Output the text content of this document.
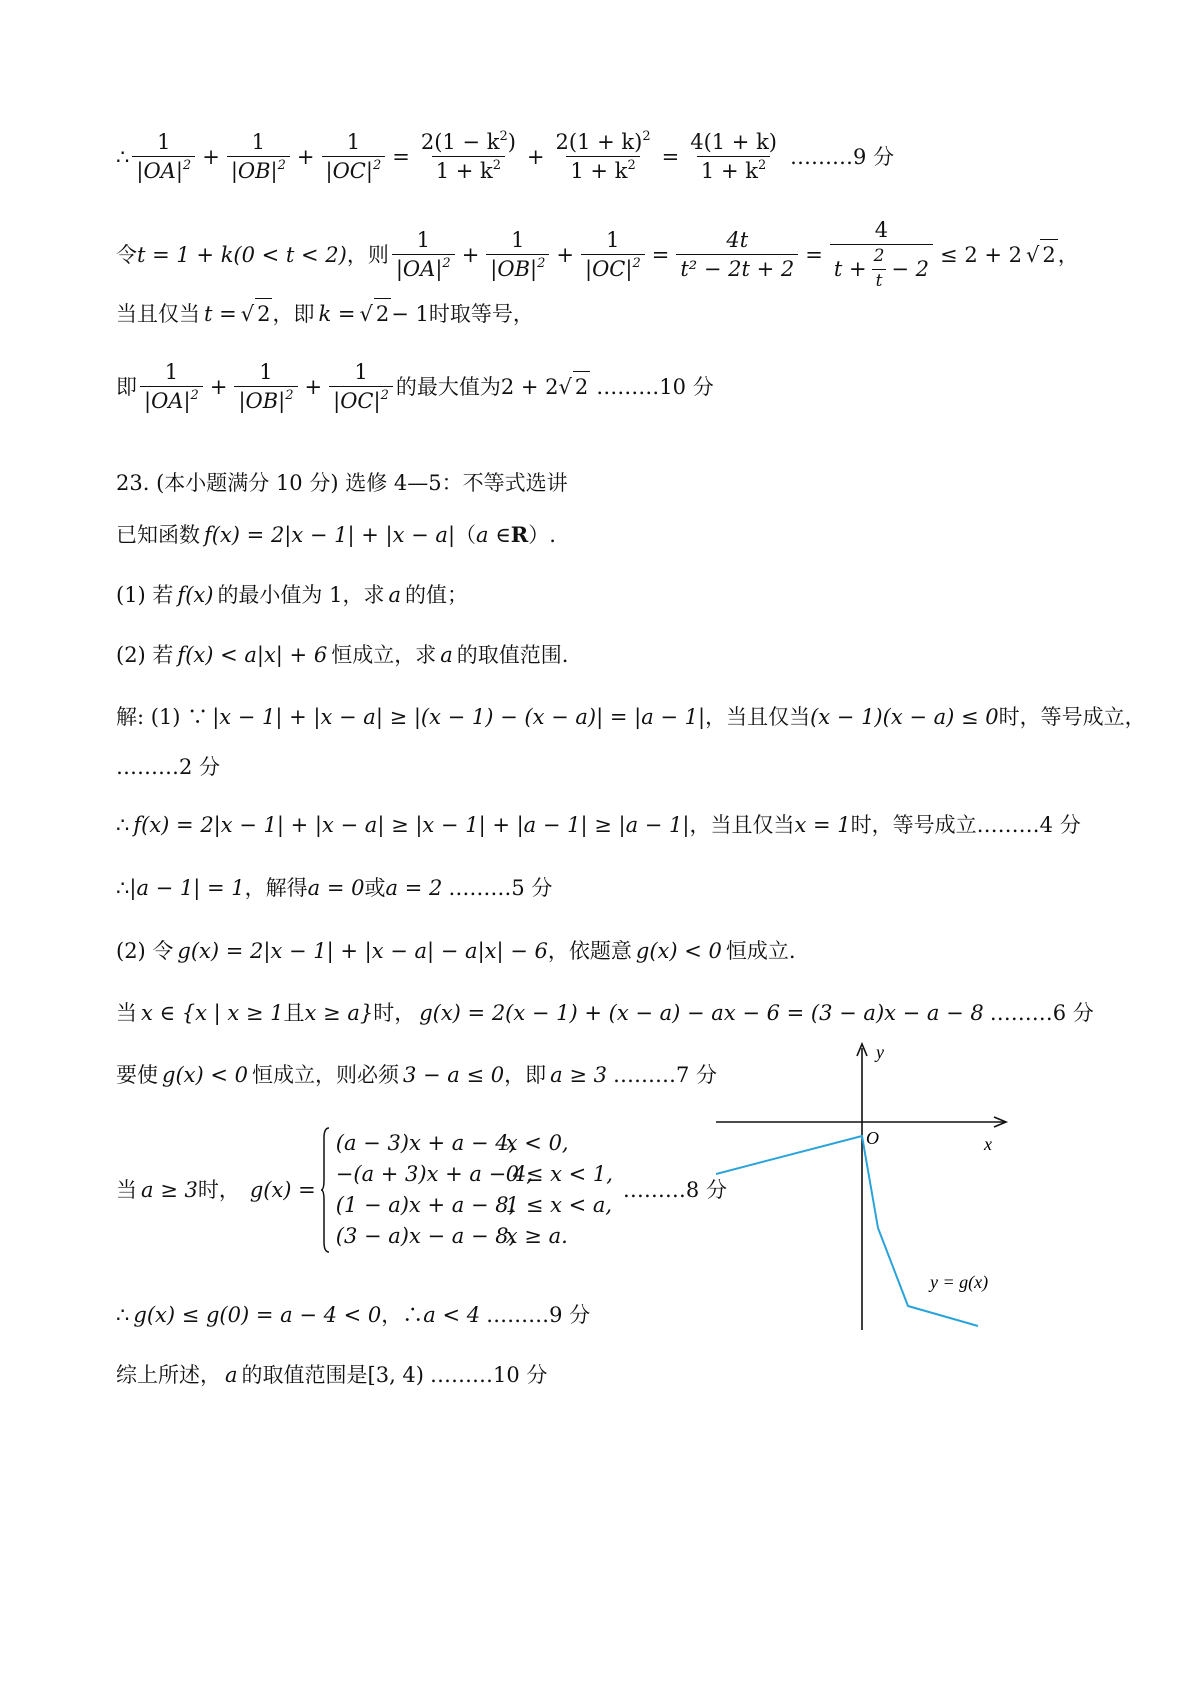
∴ $\frac{1}{|OA|^2} + \frac{1}{|OB|^2} + \frac{1}{|OC|^2} = \frac{2(1 - k^2)}{1 + k^2} + \frac{2(1 + k)^2}{1 + k^2} = \frac{4(1 + k)}{1 + k^2}$ ………9 分
令 t = 1 + k(0 < t < 2) ，则 $\frac{1}{|OA|^2} + \frac{1}{|OB|^2} + \frac{1}{|OC|^2} = \frac{4t}{\text{t² − 2t + 2}} = \frac{4}{t + \frac{2}{t} - 2} \le 2 + 2$ √ 2 ，
当且仅当 t = √ 2 ，即 k = √ 2 − 1 时取等号，
即 $\frac{1}{|OA|^2} + \frac{1}{|OB|^2} + \frac{1}{|OC|^2}$ 的最大值为 2 + 2 √ 2 ………10 分
23. (本小题满分 10 分) 选修 4—5：不等式选讲
已知函数 f(x) = 2|x − 1| + |x − a| （ a ∈ R ）.
(1) 若 f(x) 的最小值为 1，求 a 的值；
(2) 若 f(x) < a|x| + 6 恒成立，求 a 的取值范围.
解: (1) ∵ |x − 1| + |x − a| ≥ |(x − 1) − (x − a)| = |a − 1| ，当且仅当 (x − 1)(x − a) ≤ 0 时，等号成立，
………2 分
∴ f(x) = 2|x − 1| + |x − a| ≥ |x − 1| + |a − 1| ≥ |a − 1| ，当且仅当 x = 1 时，等号成立………4 分
∴ |a − 1| = 1 ，解得 a = 0 或 a = 2 ………5 分
(2) 令 g(x) = 2|x − 1| + |x − a| − a|x| − 6 ，依题意 g(x) < 0 恒成立.
当 x ∈ {x | x ≥ 1 且 x ≥ a} 时， g(x) = 2(x − 1) + (x − a) − ax − 6 = (3 − a)x − a − 8 ………6 分
要使 g(x) < 0 恒成立，则必须 3 − a ≤ 0 ，即 a ≥ 3 ………7 分
当 a ≥ 3 时， g(x) =
(a − 3)x + a − 4,
x < 0,
−(a + 3)x + a − 4,
0 ≤ x < 1,
(1 − a)x + a − 8,
1 ≤ x < a,
(3 − a)x − a − 8,
x ≥ a.
………8 分
∴ g(x) ≤ g(0) = a − 4 < 0 ，∴ a < 4 ………9 分
综上所述， a 的取值范围是 [3, 4) ………10 分
y
x
O
y = g(x)
